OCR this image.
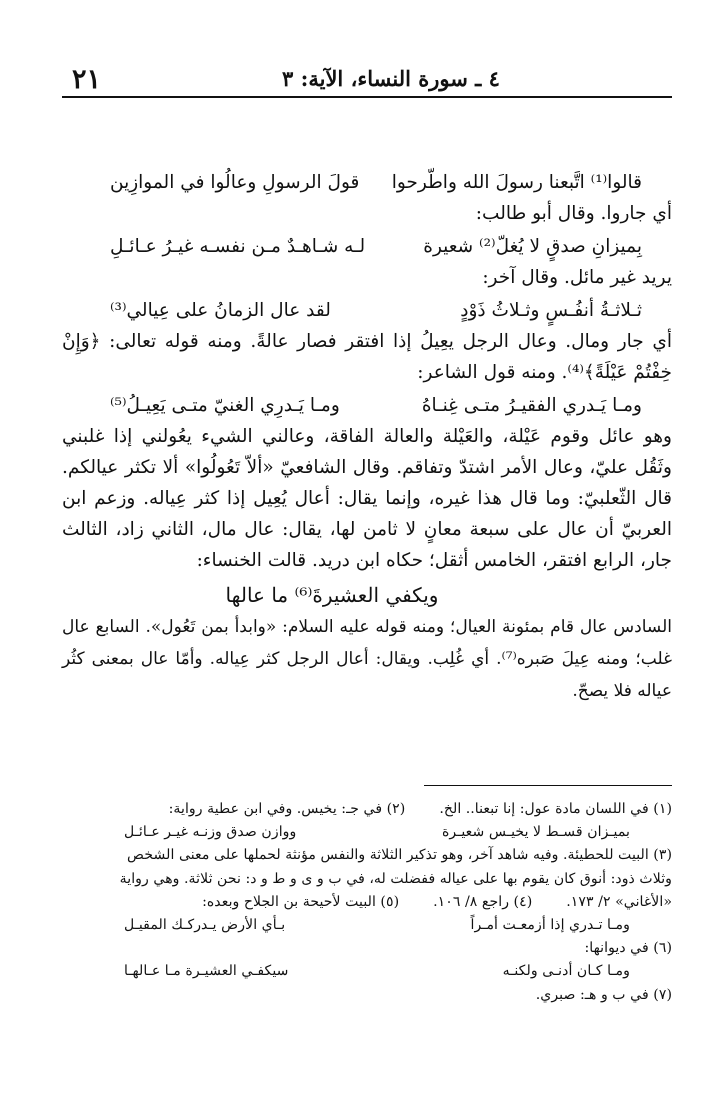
٤ ـ سورة النساء، الآية: ٣
٢١
قالوا⁽¹⁾ اتَّبعنا رسولَ الله واطّرحوا
قولَ الرسولِ وعالُوا في الموازِين
أي جاروا. وقال أبو طالب:
بِميزانِ صدقٍ لا يُغلّ⁽²⁾ شعيرة
لـه شـاهـدٌ مـن نفسـه غيـرُ عـائـلِ
يريد غير مائل. وقال آخر:
ثـلاثـةُ أنفُـسٍ وثـلاثُ ذَوْدٍ
لقد عال الزمانُ على عِيالي⁽³⁾
أي جار ومال. وعال الرجل يعِيلُ إذا افتقر فصار عالةً. ومنه قوله تعالى: ﴿وَإِنْ خِفْتُمْ عَيْلَةً﴾⁽⁴⁾. ومنه قول الشاعر:
ومـا يَـدري الفقيـرُ متـى غِنـاهُ
ومـا يَـدرِي الغنيّ متـى يَعِيـلُ⁽⁵⁾
وهو عائل وقوم عَيْلة، والعَيْلة والعالة الفاقة، وعالني الشيء يعُولني إذا غلبني وثَقُل عليّ، وعال الأمر اشتدّ وتفاقم. وقال الشافعيّ «ألاّ تَعُولُوا» ألا تكثر عيالكم. قال الثّعلبيّ: وما قال هذا غيره، وإنما يقال: أعال يُعِيل إذا كثر عِياله. وزعم ابن العربيّ أن عال على سبعة معانٍ لا ثامن لها، يقال: عال مال، الثاني زاد، الثالث جار، الرابع افتقر، الخامس أثقل؛ حكاه ابن دريد. قالت الخنساء:
ويكفي العشيرةَ⁽⁶⁾ ما عالها
السادس عال قام بمئونة العيال؛ ومنه قوله عليه السلام: «وابدأ بمن تَعُول». السابع عال غلب؛ ومنه عِيلَ صَبره⁽⁷⁾. أي غُلِب. ويقال: أعال الرجل كثر عِياله. وأمّا عال بمعنى كثُر عياله فلا يصحّ.
(١) في اللسان مادة عول: إنا تبعنا.. الخ.
(٢) في جـ: يخيس. وفي ابن عطية رواية:
بميـزان قسـط لا يخيـس شعيـرة
ووازن صدق وزنـه غيـر عـائـل
(٣) البيت للحطيئة. وفيه شاهد آخر، وهو تذكير الثلاثة والنفس مؤنثة لحملها على معنى الشخص
وثلاث ذود: أنوق كان يقوم بها على عياله ففضلت له، في ب و ى و ط و د: نحن ثلاثة. وهي رواية
«الأغاني» ٢/ ١٧٣.
(٤) راجع ٨/ ١٠٦.
(٥) البيت لأحيحة بن الجلاح وبعده:
ومـا تـدري إذا أزمعـت أمـراً
بـأي الأرض يـدركـك المقيـل
(٦) في ديوانها:
ومـا كـان أدنـى ولكنـه
سيكفـي العشيـرة مـا عـالهـا
(٧) في ب و هـ: صبري.
